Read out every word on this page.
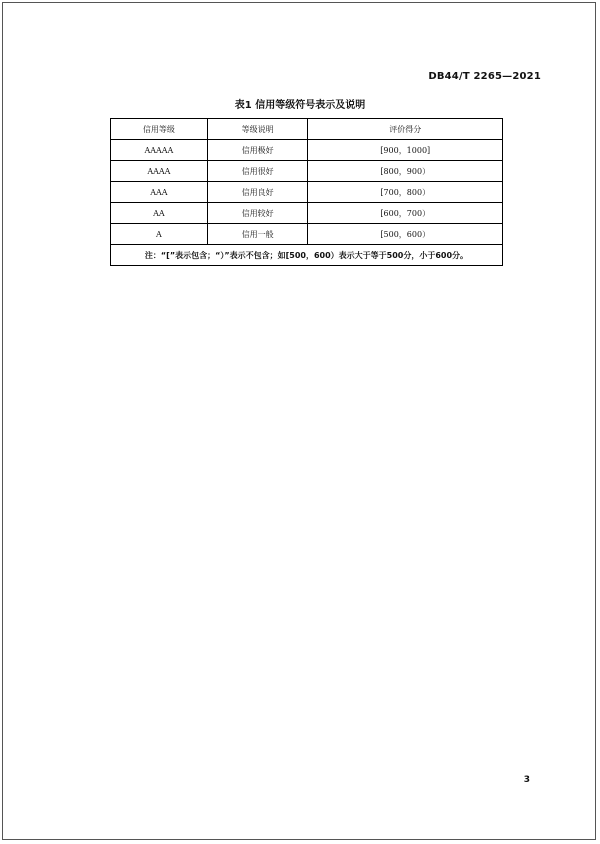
DB44/T 2265—2021
表1 信用等级符号表示及说明
信用等级	等级说明	评价得分
AAAAA	信用极好	[900，1000]
AAAA	信用很好	[800，900）
AAA	信用良好	[700，800）
AA	信用较好	[600，700）
A	信用一般	[500，600）
注：“[”表示包含；“）”表示不包含；如[500，600）表示大于等于500分，小于600分。		
3
